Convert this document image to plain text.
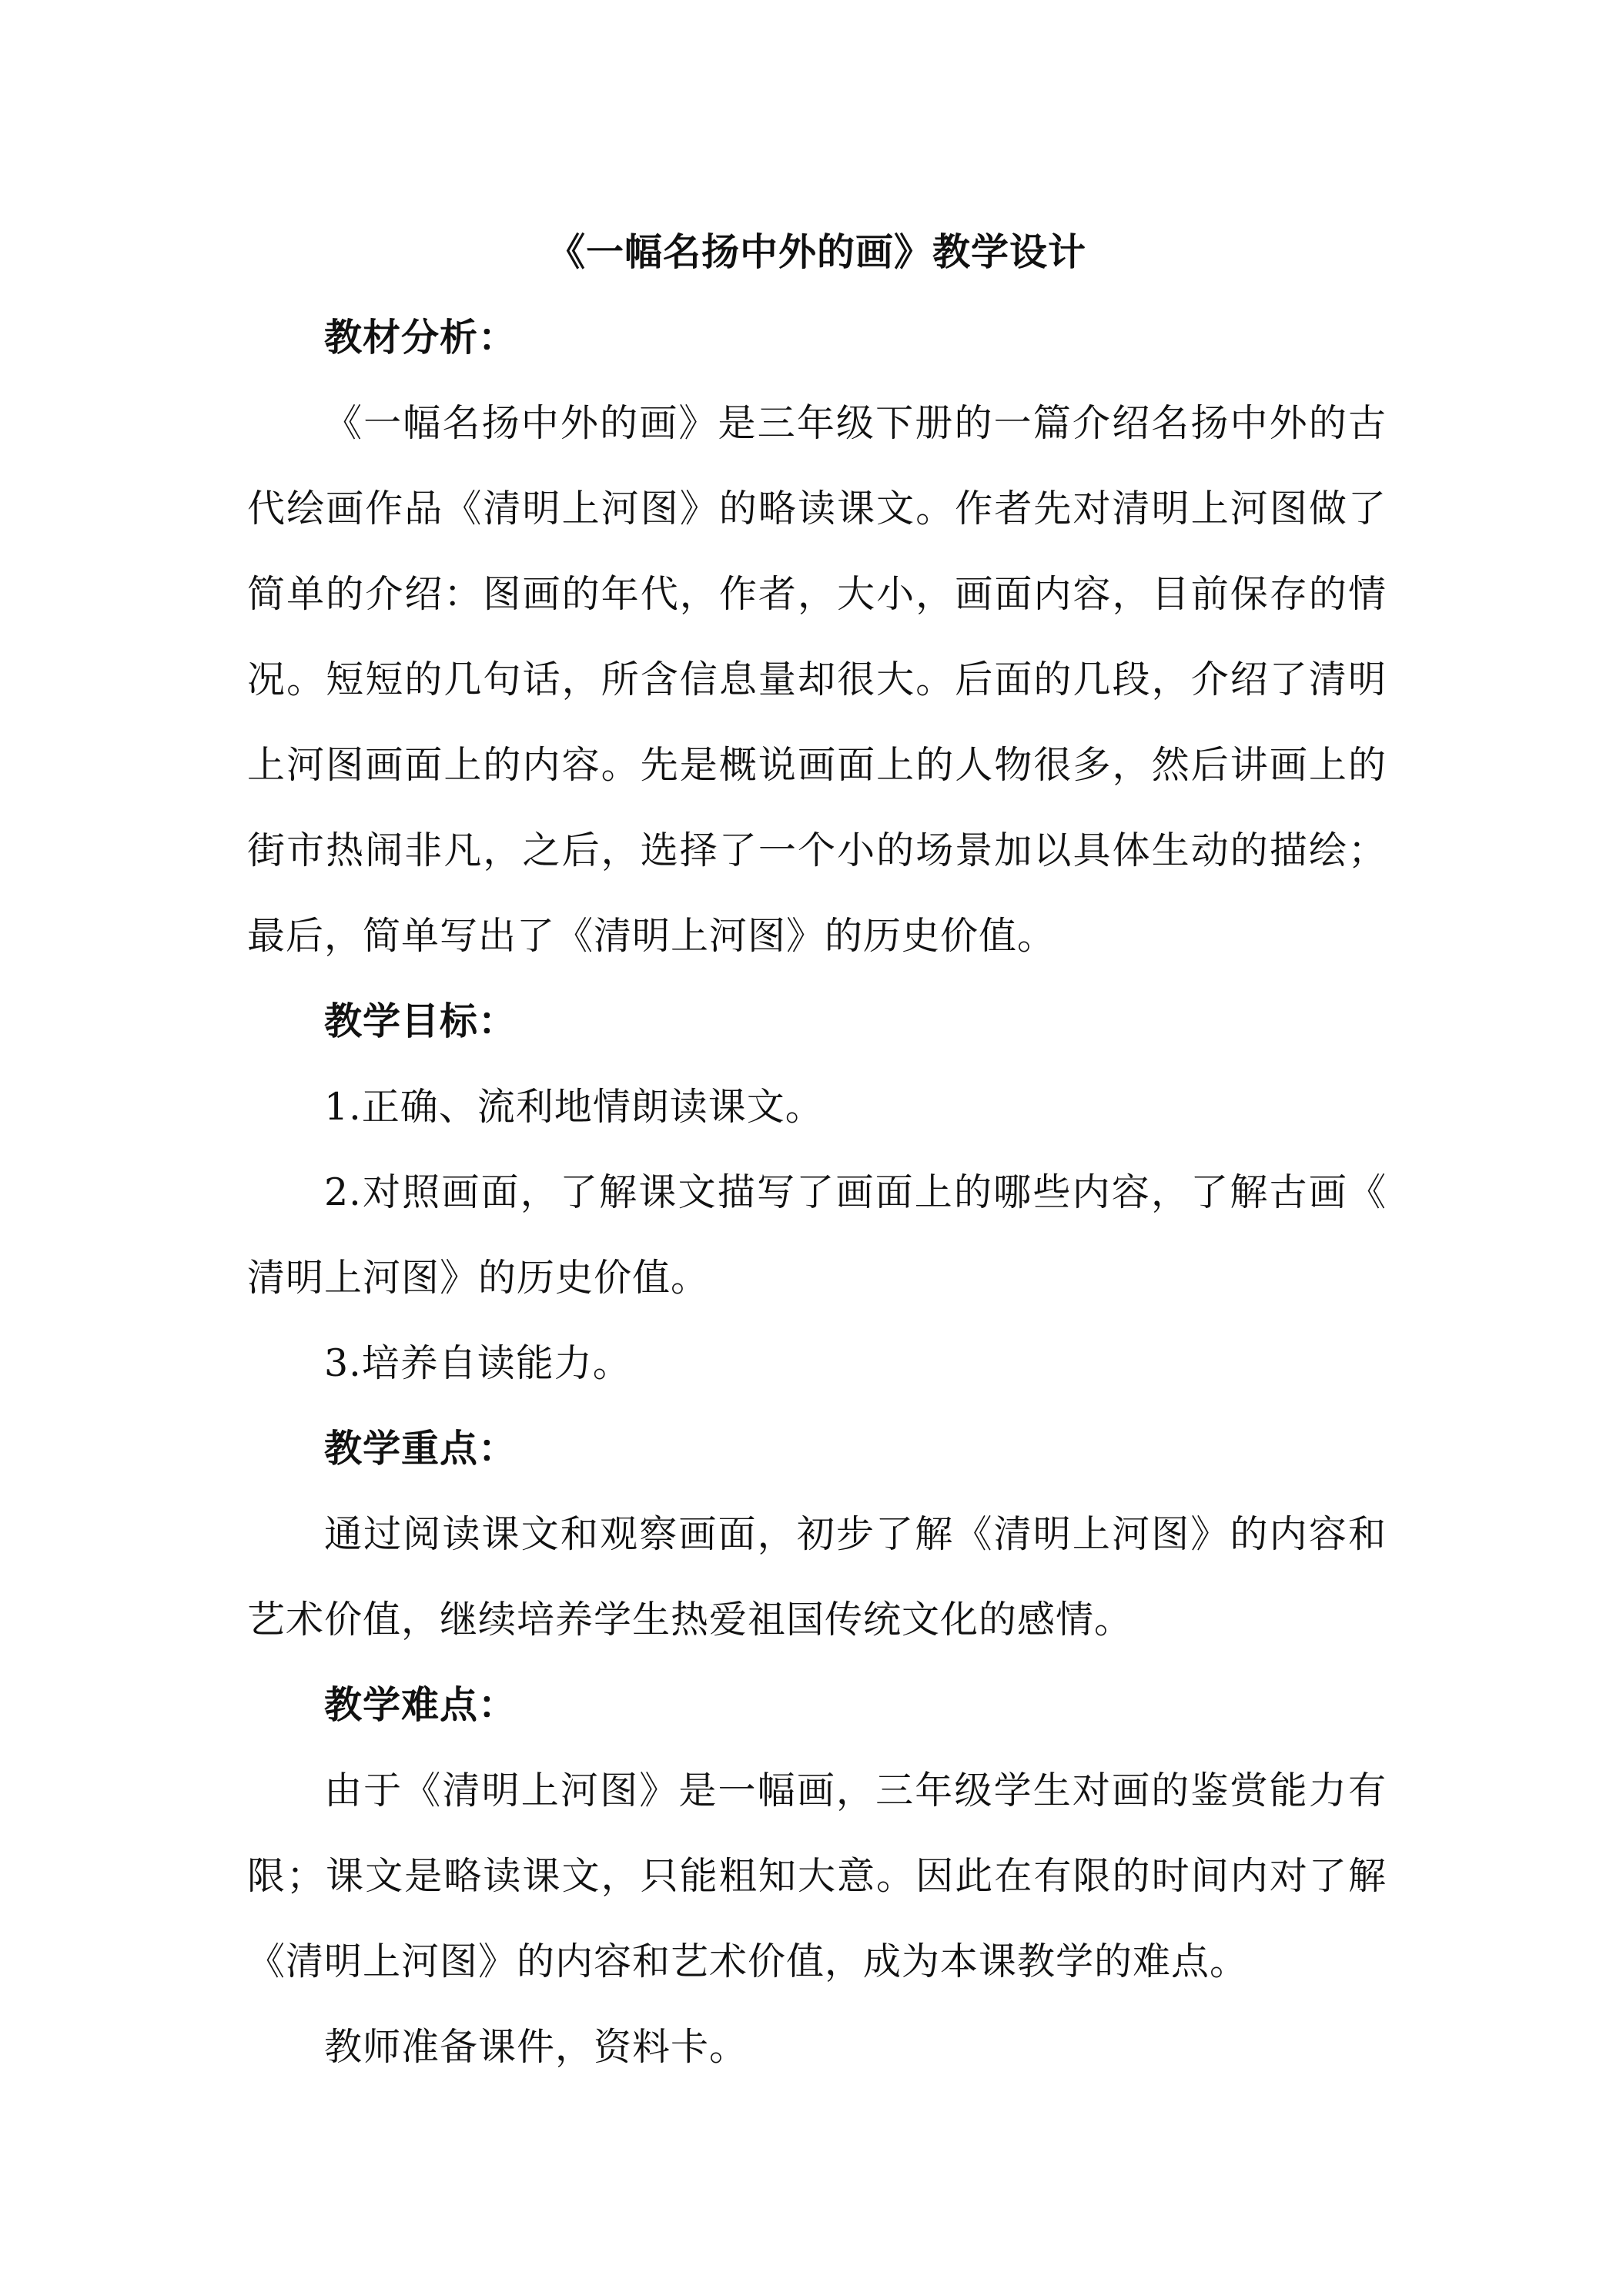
《一幅名扬中外的画》教学设计
教材分析：

《一幅名扬中外的画》是三年级下册的一篇介绍名扬中外的古代绘画作品《清明上河图》的略读课文。作者先对清明上河图做了简单的介绍：图画的年代，作者，大小，画面内容，目前保存的情况。短短的几句话，所含信息量却很大。后面的几段，介绍了清明上河图画面上的内容。先是概说画面上的人物很多，然后讲画上的街市热闹非凡，之后，选择了一个小的场景加以具体生动的描绘；最后，简单写出了《清明上河图》的历史价值。

教学目标：

1.正确、流利地情朗读课文。

2.对照画面，了解课文描写了画面上的哪些内容，了解古画《清明上河图》的历史价值。

3.培养自读能力。

教学重点：

通过阅读课文和观察画面，初步了解《清明上河图》的内容和艺术价值，继续培养学生热爱祖国传统文化的感情。

教学难点：

由于《清明上河图》是一幅画，三年级学生对画的鉴赏能力有限；课文是略读课文，只能粗知大意。因此在有限的时间内对了解《清明上河图》的内容和艺术价值，成为本课教学的难点。

教师准备课件，资料卡。
